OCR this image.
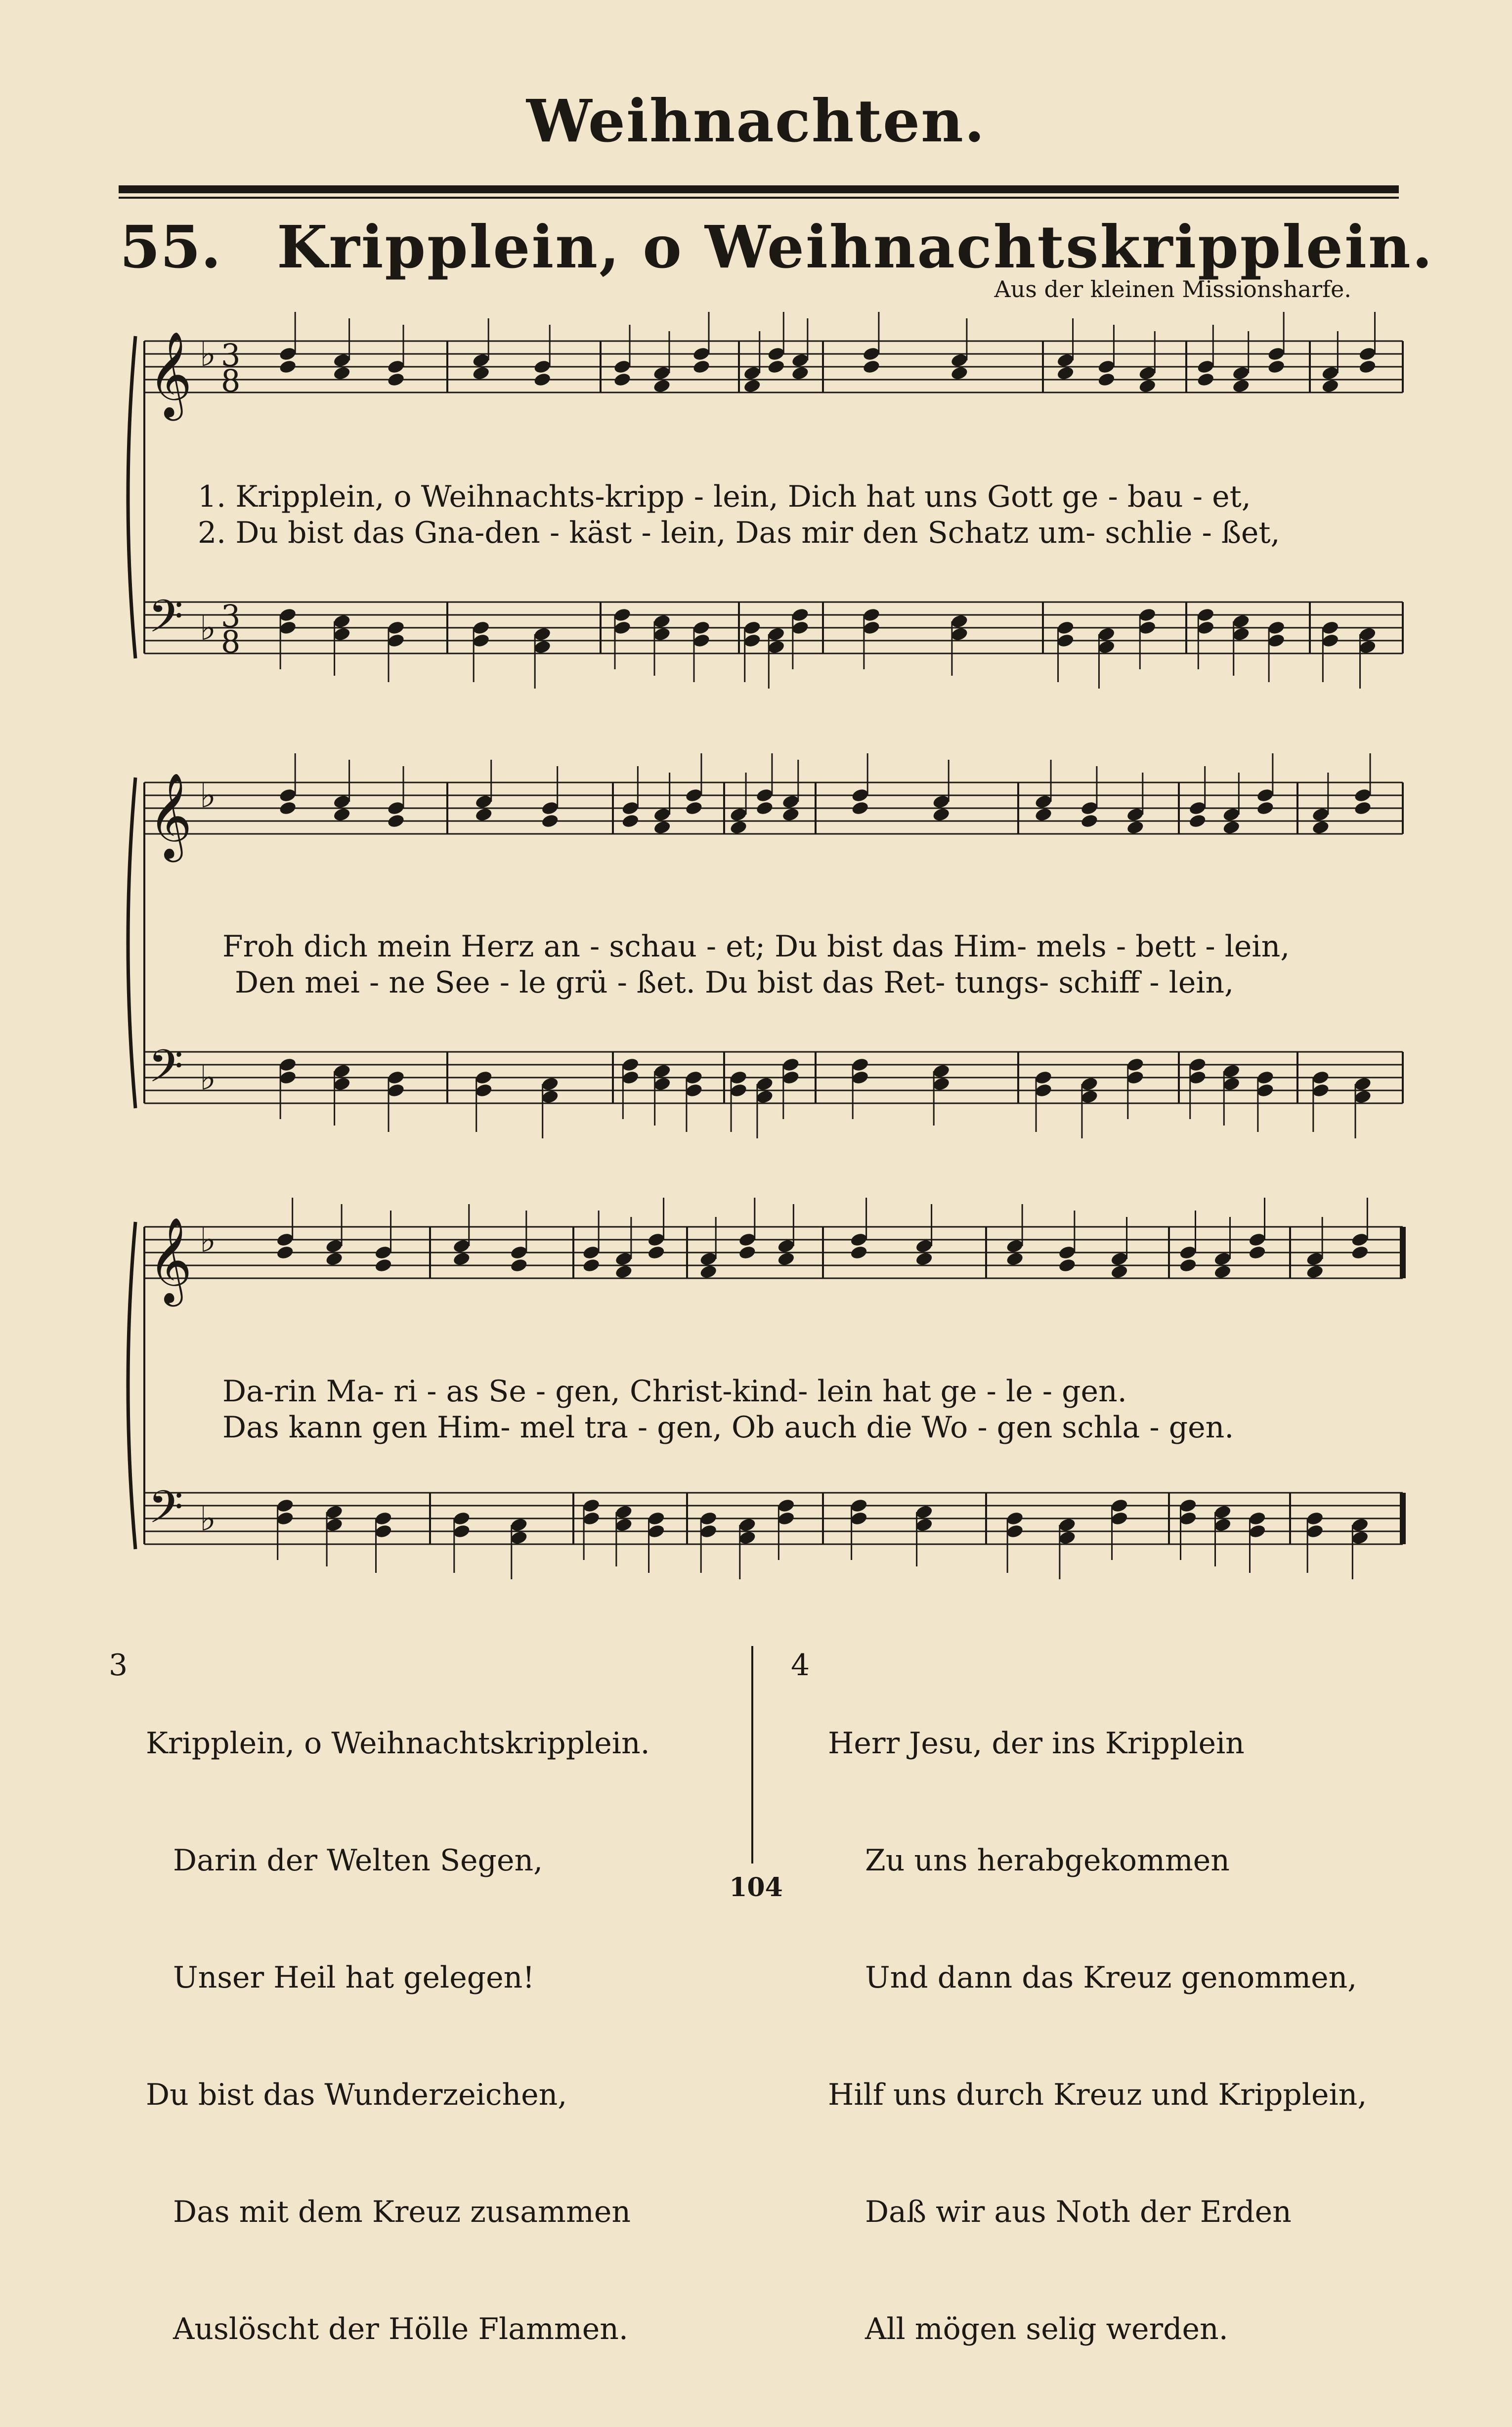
Weihnachten.
55. Kripplein, o Weihnachtskripplein.
Aus der kleinen Missionsharfe.
𝄞
𝄢
♭
♭
3
8
3
8
𝄞
𝄢
♭
♭
𝄞
𝄢
♭
♭
1. Kripplein, o Weihnachts-kripp - lein, Dich hat uns Gott ge - bau - et,
2. Du bist das Gna-den - käst - lein, Das mir den Schatz um- schlie - ßet,
Froh dich mein Herz an - schau - et; Du bist das Him- mels - bett - lein,
Den mei - ne See - le grü - ßet. Du bist das Ret- tungs- schiff - lein,
Da-rin Ma- ri - as Se - gen, Christ-kind- lein hat ge - le - gen.
Das kann gen Him- mel tra - gen, Ob auch die Wo - gen schla - gen.
3

Kripplein, o Weihnachtskripplein.

Darin der Welten Segen,

Unser Heil hat gelegen!

Du bist das Wunderzeichen,

Das mit dem Kreuz zusammen

Auslöscht der Hölle Flammen.

4

Herr Jesu, der ins Kripplein

Zu uns herabgekommen

Und dann das Kreuz genommen,

Hilf uns durch Kreuz und Kripplein,

Daß wir aus Noth der Erden

All mögen selig werden.

104
